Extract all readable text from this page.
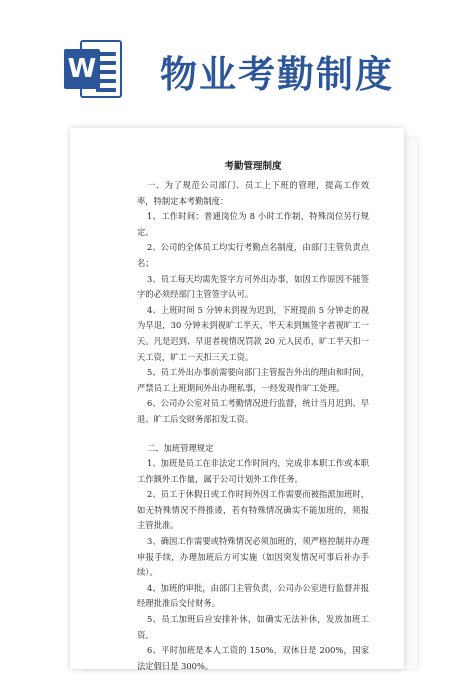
W 物业考勤制度
考勤管理制度

一、为了规范公司部门、员工上下班的管理，提高工作效率，特制定本考勤制度：

1、工作时间：普通岗位为 8 小时工作制，特殊岗位另行规定。

2、公司的全体员工均实行考勤点名制度，由部门主管负责点名；

3、员工每天均需先签字方可外出办事，如因工作原因不能签字的必须经部门主管签字认可。

4、上班时间 5 分钟未到视为迟到，下班提前 5 分钟走的视为早退，30 分钟未到视旷工半天，半天未到無签字者视旷工一天。凡是迟到、早退者视情况罚款 20 元人民币，旷工半天扣一天工资，旷工一天扣三天工资。

5、员工外出办事前需要向部门主管报告外出的理由和时间，严禁员工上班期间外出办理私事，一经发现作旷工处理。

6、公司办公室对员工考勤情况进行监督，统计当月迟到、早退、旷工后交财务部扣发工资。

二、加班管理规定

1、加班是员工在非法定工作时间内，完成非本职工作或本职工作额外工作量，属于公司计划外工作任务。

2、员工于休假日或工作时间外因工作需要而被指派加班时，如无特殊情况不得推诿，若有特殊情况确实不能加班的，须报主管批准。

3、确因工作需要或特殊情况必须加班的，须严格控制并办理申报手续，办理加班后方可实施（如因突发情况可事后补办手续）。

4、加班的审批，由部门主管负责，公司办公室进行监督并报经理批准后交付财务。

5、员工加班后应安排补休，如确实无法补休，发放加班工资。

6、平时加班是本人工资的 150%，双休日是 200%，国家法定假日是 300%。
